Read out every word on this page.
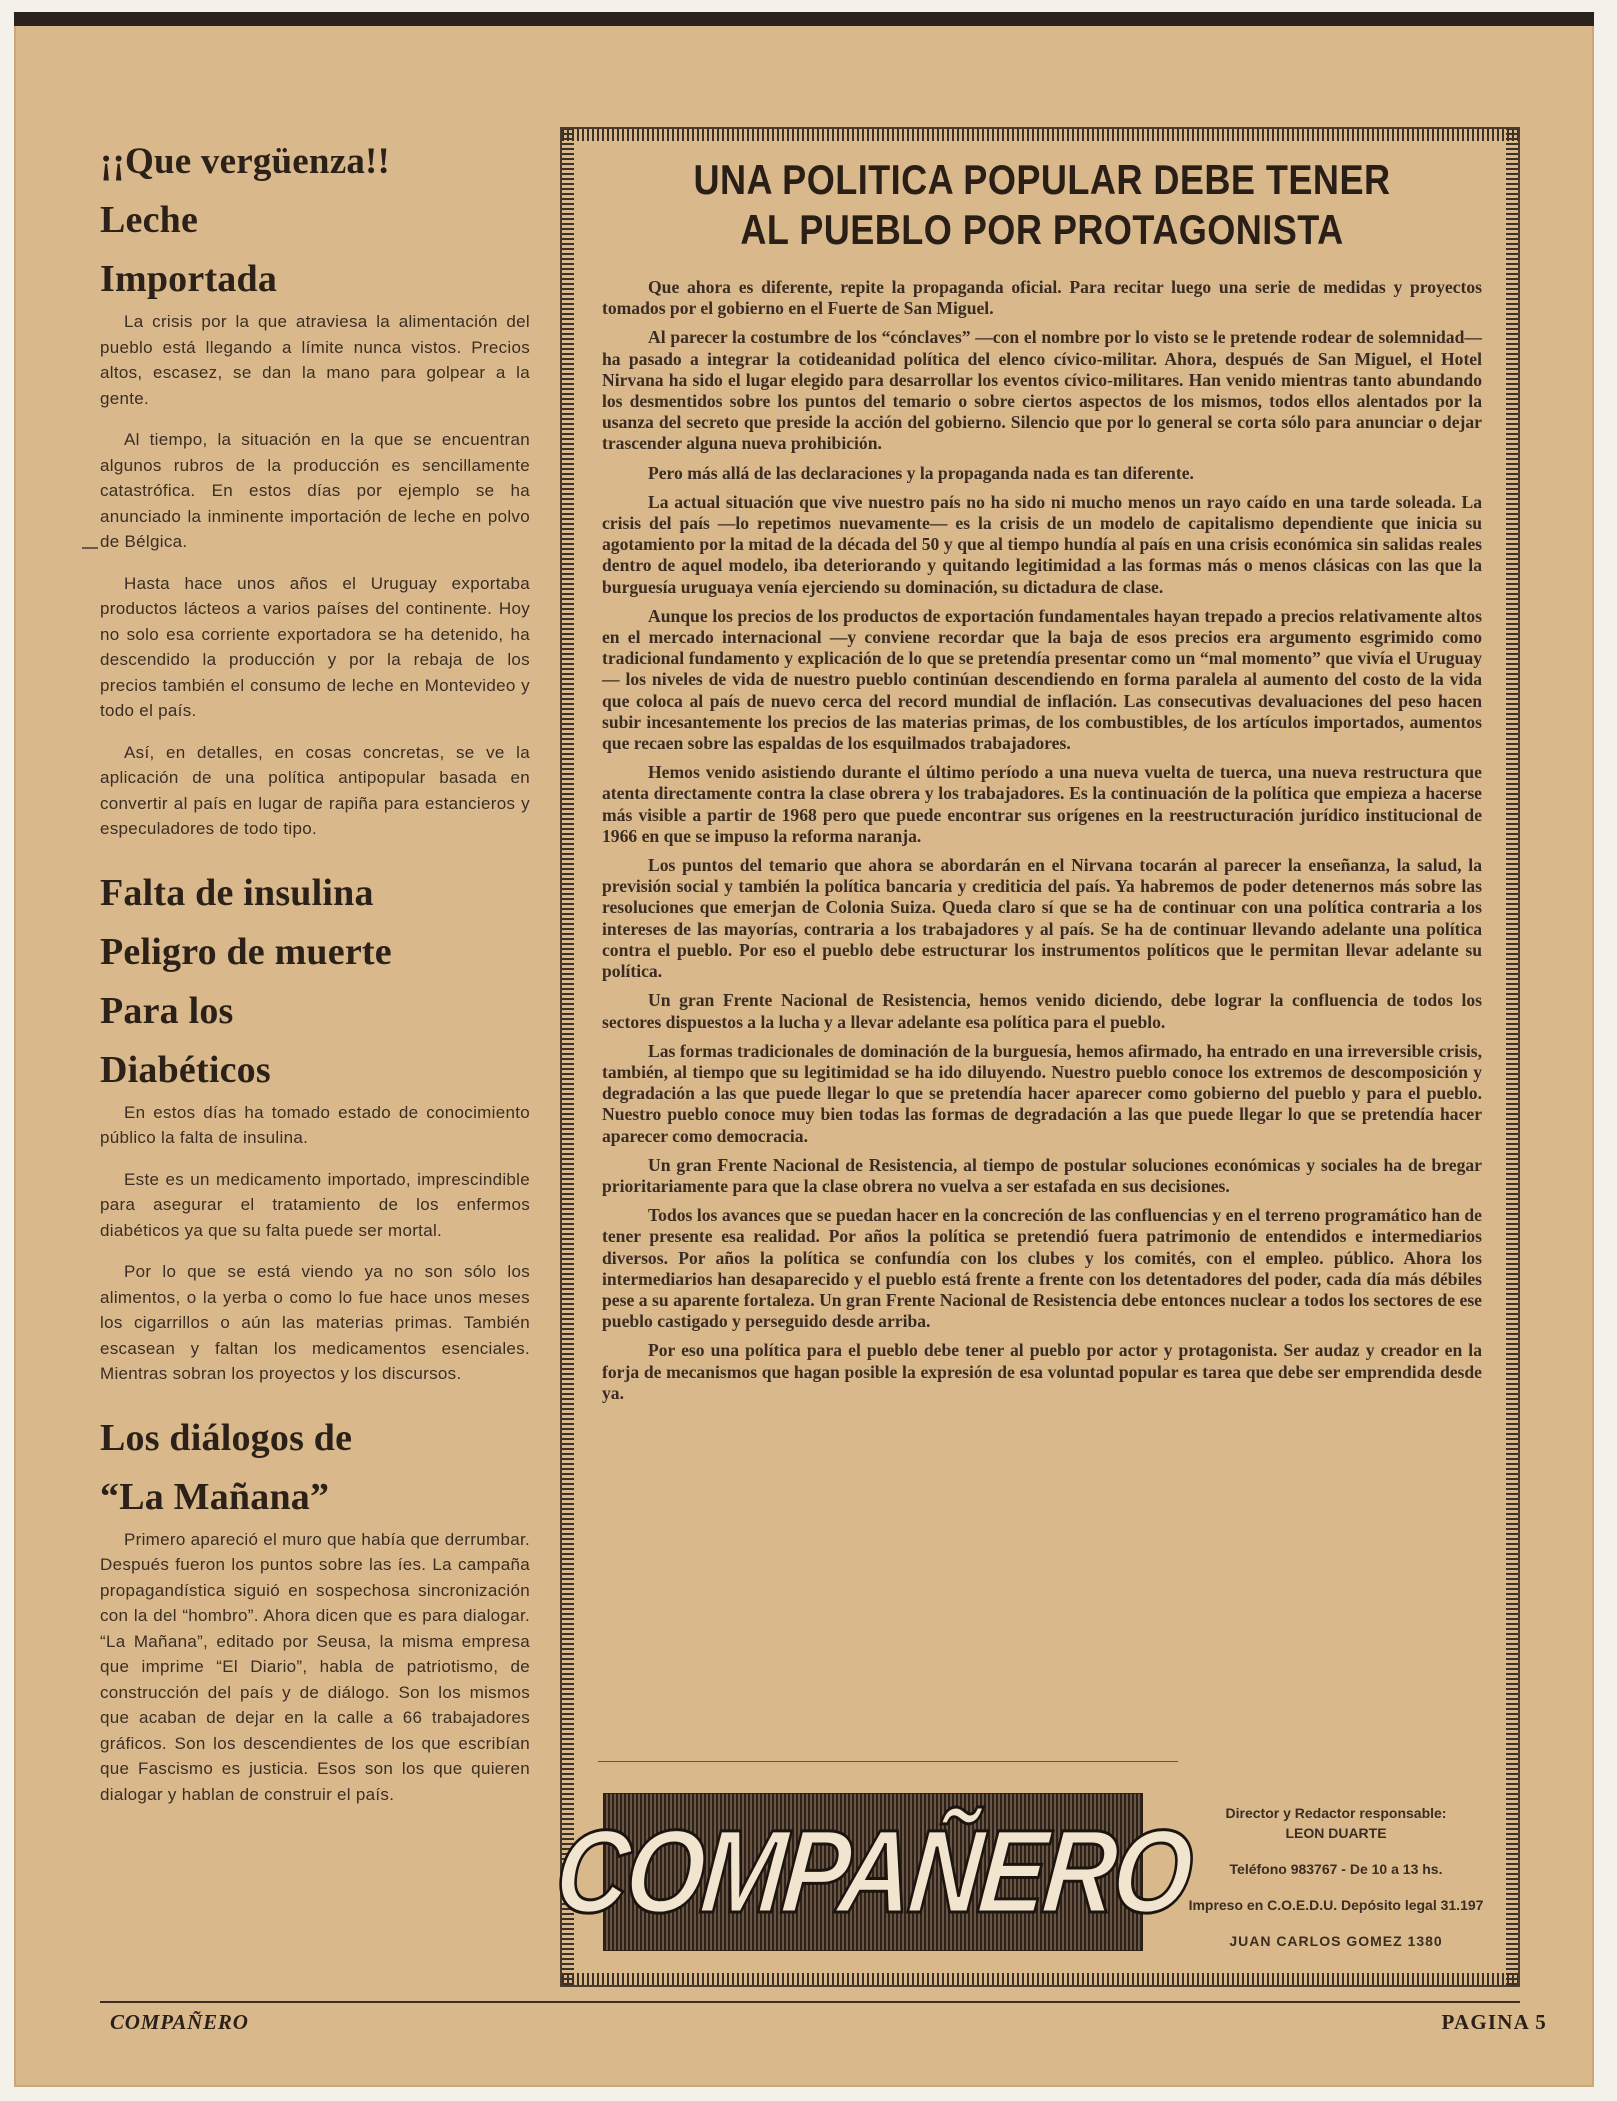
¡¡Que vergüenza!!

Leche

Importada

La crisis por la que atraviesa la alimentación del pueblo está llegando a límite nunca vistos. Precios altos, escasez, se dan la mano para golpear a la gente.

Al tiempo, la situación en la que se encuentran algunos rubros de la producción es sencillamente catastrófica. En estos días por ejemplo se ha anunciado la inminente importación de leche en polvo de Bélgica.

Hasta hace unos años el Uruguay exportaba productos lácteos a varios países del continente. Hoy no solo esa corriente exportadora se ha detenido, ha descendido la producción y por la rebaja de los precios también el consumo de leche en Montevideo y todo el país.

Así, en detalles, en cosas concretas, se ve la aplicación de una política antipopular basada en convertir al país en lugar de rapiña para estancieros y especuladores de todo tipo.

Falta de insulina

Peligro de muerte

Para los

Diabéticos

En estos días ha tomado estado de conocimiento público la falta de insulina.

Este es un medicamento importado, imprescindible para asegurar el tratamiento de los enfermos diabéticos ya que su falta puede ser mortal.

Por lo que se está viendo ya no son sólo los alimentos, o la yerba o como lo fue hace unos meses los cigarrillos o aún las materias primas. También escasean y faltan los medicamentos esenciales. Mientras sobran los proyectos y los discursos.

Los diálogos de

“La Mañana”

Primero apareció el muro que había que derrumbar. Después fueron los puntos sobre las íes. La campaña propagandística siguió en sospechosa sincronización con la del “hombro”. Ahora dicen que es para dialogar. “La Mañana”, editado por Seusa, la misma empresa que imprime “El Diario”, habla de patriotismo, de construcción del país y de diálogo. Son los mismos que acaban de dejar en la calle a 66 trabajadores gráficos. Son los descendientes de los que escribían que Fascismo es justicia. Esos son los que quieren dialogar y hablan de construir el país.

UNA POLITICA POPULAR DEBE TENER
AL PUEBLO POR PROTAGONISTA

Que ahora es diferente, repite la propaganda oficial. Para recitar luego una serie de medidas y proyectos tomados por el gobierno en el Fuerte de San Miguel.

Al parecer la costumbre de los “cónclaves” —con el nombre por lo visto se le pretende rodear de solemnidad— ha pasado a integrar la cotideanidad política del elenco cívico-militar. Ahora, después de San Miguel, el Hotel Nirvana ha sido el lugar elegido para desarrollar los eventos cívico-militares. Han venido mientras tanto abundando los desmentidos sobre los puntos del temario o sobre ciertos aspectos de los mismos, todos ellos alentados por la usanza del secreto que preside la acción del gobierno. Silencio que por lo general se corta sólo para anunciar o dejar trascender alguna nueva prohibición.

Pero más allá de las declaraciones y la propaganda nada es tan diferente.

La actual situación que vive nuestro país no ha sido ni mucho menos un rayo caído en una tarde soleada. La crisis del país —lo repetimos nuevamente— es la crisis de un modelo de capitalismo dependiente que inicia su agotamiento por la mitad de la década del 50 y que al tiempo hundía al país en una crisis económica sin salidas reales dentro de aquel modelo, iba deteriorando y quitando legitimidad a las formas más o menos clásicas con las que la burguesía uruguaya venía ejerciendo su dominación, su dictadura de clase.

Aunque los precios de los productos de exportación fundamentales hayan trepado a precios relativamente altos en el mercado internacional —y conviene recordar que la baja de esos precios era argumento esgrimido como tradicional fundamento y explicación de lo que se pretendía presentar como un “mal momento” que vivía el Uruguay— los niveles de vida de nuestro pueblo continúan descendiendo en forma paralela al aumento del costo de la vida que coloca al país de nuevo cerca del record mundial de inflación. Las consecutivas devaluaciones del peso hacen subir incesantemente los precios de las materias primas, de los combustibles, de los artículos importados, aumentos que recaen sobre las espaldas de los esquilmados trabajadores.

Hemos venido asistiendo durante el último período a una nueva vuelta de tuerca, una nueva restructura que atenta directamente contra la clase obrera y los trabajadores. Es la continuación de la política que empieza a hacerse más visible a partir de 1968 pero que puede encontrar sus orígenes en la reestructuración jurídico institucional de 1966 en que se impuso la reforma naranja.

Los puntos del temario que ahora se abordarán en el Nirvana tocarán al parecer la enseñanza, la salud, la previsión social y también la política bancaria y crediticia del país. Ya habremos de poder detenernos más sobre las resoluciones que emerjan de Colonia Suiza. Queda claro sí que se ha de continuar con una política contraria a los intereses de las mayorías, contraria a los trabajadores y al país. Se ha de continuar llevando adelante una política contra el pueblo. Por eso el pueblo debe estructurar los instrumentos políticos que le permitan llevar adelante su política.

Un gran Frente Nacional de Resistencia, hemos venido diciendo, debe lograr la confluencia de todos los sectores dispuestos a la lucha y a llevar adelante esa política para el pueblo.

Las formas tradicionales de dominación de la burguesía, hemos afirmado, ha entrado en una irreversible crisis, también, al tiempo que su legitimidad se ha ido diluyendo. Nuestro pueblo conoce los extremos de descomposición y degradación a las que puede llegar lo que se pretendía hacer aparecer como gobierno del pueblo y para el pueblo. Nuestro pueblo conoce muy bien todas las formas de degradación a las que puede llegar lo que se pretendía hacer aparecer como democracia.

Un gran Frente Nacional de Resistencia, al tiempo de postular soluciones económicas y sociales ha de bregar prioritariamente para que la clase obrera no vuelva a ser estafada en sus decisiones.

Todos los avances que se puedan hacer en la concreción de las confluencias y en el terreno programático han de tener presente esa realidad. Por años la política se pretendió fuera patrimonio de entendidos e intermediarios diversos. Por años la política se confundía con los clubes y los comités, con el empleo. público. Ahora los intermediarios han desaparecido y el pueblo está frente a frente con los detentadores del poder, cada día más débiles pese a su aparente fortaleza. Un gran Frente Nacional de Resistencia debe entonces nuclear a todos los sectores de ese pueblo castigado y perseguido desde arriba.

Por eso una política para el pueblo debe tener al pueblo por actor y protagonista. Ser audaz y creador en la forja de mecanismos que hagan posible la expresión de esa voluntad popular es tarea que debe ser emprendida desde ya.

COMPAÑERO	Director y Redactor responsable:
LEON DUARTE

Teléfono 983767 - De 10 a 13 hs.

Impreso en C.O.E.D.U. Depósito legal 31.197

JUAN CARLOS GOMEZ 1380

COMPAÑERO	PAGINA 5
